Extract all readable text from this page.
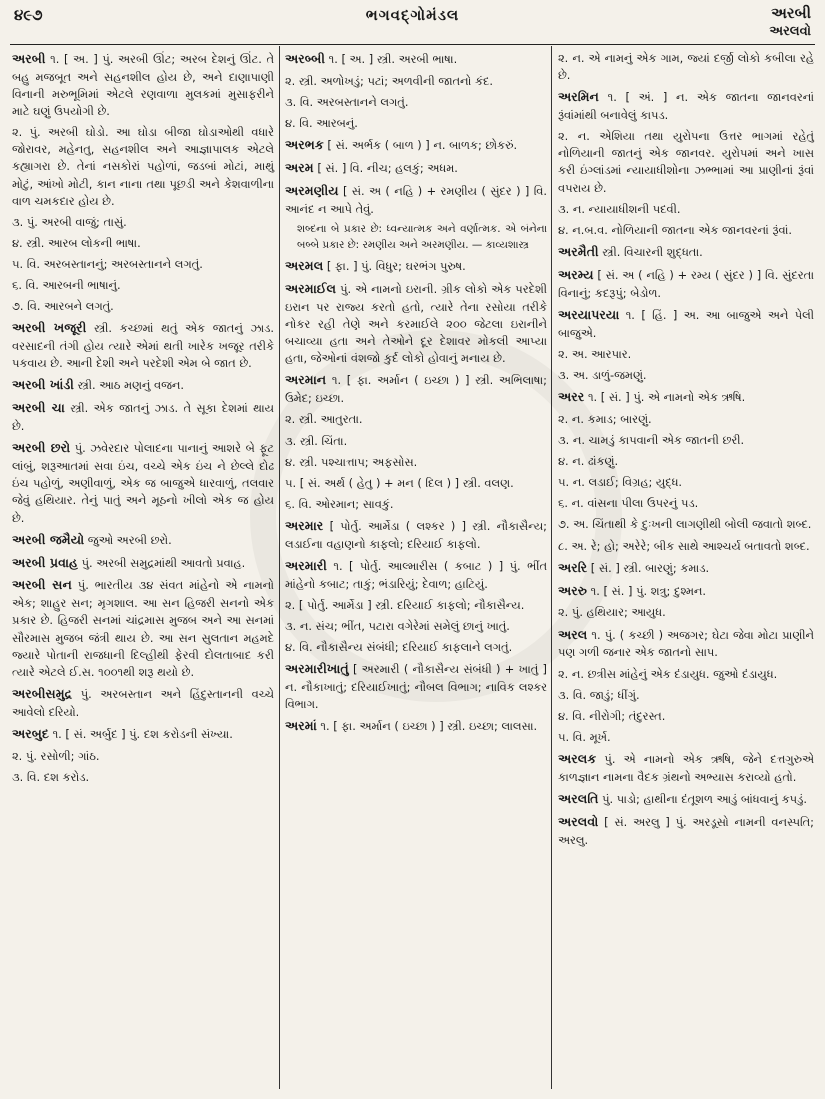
૪૯૭	ભગવદ્ગોમંડલ	અરબી
અરલવો

અરબી ૧. [ અ. ] પું. અરબી ઊંટ; અરબ દેશનું ઊંટ. તે બહુ મજબૂત અને સહનશીલ હોય છે, અને દાણાપાણી વિનાની મરુભૂમિમાં એટલે રણવાળા મુલકમાં મુસાફરીને માટે ઘણું ઉપયોગી છે.

૨. પું. અરબી ઘોડો. આ ઘોડા બીજા ઘોડાઓથી વધારે જોરાવર, મહેનતુ, સહનશીલ અને આજ્ઞાપાલક એટલે કહ્યાગરા છે. તેનાં નસકોરાં પહોળાં, જડબાં મોટાં, માથું મોટું, આંખો મોટી, કાન નાના તથા પૂછડી અને કેશવાળીના વાળ ચમકદાર હોય છે.

૩. પું. અરબી વાજું; તાસું.

૪. સ્ત્રી. આરબ લોકની ભાષા.

૫. વિ. અરબસ્તાનનું; અરબસ્તાનને લગતું.

૬. વિ. આરબની ભાષાનું.

૭. વિ. આરબને લગતું.

અરબી ખજૂરી સ્ત્રી. કચ્છમાં થતું એક જાતનું ઝાડ. વરસાદની તંગી હોય ત્યારે એમાં થતી ખારેક ખજૂર તરીકે પકવાય છે. આની દેશી અને પરદેશી એમ બે જાત છે.

અરબી ખાંડી સ્ત્રી. આઠ મણનું વજન.

અરબી ચા સ્ત્રી. એક જાતનું ઝાડ. તે સૂકા દેશમાં થાય છે.

અરબી છરો પું. ઝવેરદાર પોલાદના પાનાનું આશરે બે ફૂટ લાંબું, શરૂઆતમાં સવા ઇંચ, વચ્ચે એક ઇંચ ને છેલ્લે દોઢ ઇંચ પહોળું, અણીવાળું, એક જ બાજુએ ધારવાળું, તલવાર જેવું હથિયાર. તેનું પાતું અને મૂઠનો ખીલો એક જ હોય છે.

અરબી જમૈયો જુઓ અરબી છરો.

અરબી પ્રવાહ પું. અરબી સમુદ્રમાંથી આવતો પ્રવાહ.

અરબી સન પું. ભારતીય ૩૪ સંવત માંહેનો એ નામનો એક; શાહુર સન; મૃગશાલ. આ સન હિજરી સનનો એક પ્રકાર છે. હિજરી સનમાં ચાંદ્રમાસ મુજબ અને આ સનમાં સૌરમાસ મુજબ જંત્રી થાય છે. આ સન સુલતાન મહમદે જ્યારે પોતાની રાજધાની દિલ્હીથી ફેરવી દોલતાબાદ કરી ત્યારે એટલે ઈ.સ. ૧૦૦૧થી શરૂ થયો છે.

અરબીસમુદ્ર પું. અરબસ્તાન અને હિંદુસ્તાનની વચ્ચે આવેલો દરિયો.

અરબુદ ૧. [ સં. અર્બુદ ] પું. દશ કરોડની સંખ્યા.

૨. પું. રસોળી; ગાંઠ.

૩. વિ. દશ કરોડ.

અરબ્બી ૧. [ અ. ] સ્ત્રી. અરબી ભાષા.

૨. સ્ત્રી. અળોખડું; પટાં; અળવીની જાતનો કંદ.

૩. વિ. અરબસ્તાનને લગતું.

૪. વિ. આરબનું.

અરભક [ સં. અર્ભક ( બાળ ) ] ન. બાળક; છોકરું.

અરમ [ સં. ] વિ. નીચ; હલકું; અધમ.

અરમણીય [ સં. અ ( નહિ ) + રમણીય ( સુંદર ) ] વિ. આનંદ ન આપે તેવું.

શબ્દના બે પ્રકાર છે: ધ્વન્યાત્મક અને વર્ણાત્મક. એ બંનેના બબ્બે પ્રકાર છે: રમણીય અને અરમણીય. — કાવ્યશાસ્ત્ર

અરમલ [ ફા. ] પું. વિધુર; ઘરભંગ પુરુષ.

અરમાઈલ પું. એ નામનો ઇરાની. ગ્રીક લોકો એક પરદેશી ઇરાન પર રાજ્ય કરતો હતો, ત્યારે તેના રસોયા તરીકે નોકર રહી તેણે અને કરમાઈલે ૨૦૦ જેટલા ઇરાનીને બચાવ્યા હતા અને તેઓને દૂર દેશાવર મોકલી આપ્યા હતા, જેઓનાં વંશજો કુર્દ લોકો હોવાનું મનાય છે.

અરમાન ૧. [ ફા. અર્માન ( ઇચ્છા ) ] સ્ત્રી. અભિલાષા; ઉમેદ; ઇચ્છા.

૨. સ્ત્રી. આતુરતા.

૩. સ્ત્રી. ચિંતા.

૪. સ્ત્રી. પશ્ચાત્તાપ; અફસોસ.

૫. [ સં. અર્થ ( હેતુ ) + મન ( દિલ ) ] સ્ત્રી. વલણ.

૬. વિ. ઓરમાન; સાવકું.

અરમાર [ પોર્તુ. આર્મેડા ( લશ્કર ) ] સ્ત્રી. નૌકાસૈન્ય; લડાઈના વહાણનો કાફલો; દરિયાઈ કાફલો.

અરમારી ૧. [ પોર્તુ. આલ્મારીસ ( કબાટ ) ] પું. ભીંત માંહેનો કબાટ; તાકું; ભંડારિયું; દેવાળ; હાટિયું.

૨. [ પોર્તુ. આર્મેડા ] સ્ત્રી. દરિયાઈ કાફલો; નૌકાસૈન્ય.

૩. ન. સંચ; ભીંત, પટારા વગેરેમાં સમેલું છાનું ખાતું.

૪. વિ. નૌકાસૈન્ય સંબંધી; દરિયાઈ કાફલાને લગતું.

અરમારીખાતું [ અરમારી ( નૌકાસૈન્ય સંબંધી ) + ખાતું ] ન. નૌકાખાતું; દરિયાઈખાતું; નૌબલ વિભાગ; નાવિક લશ્કર વિભાગ.

અરમાં ૧. [ ફા. અર્માન ( ઇચ્છા ) ] સ્ત્રી. ઇચ્છા; લાલસા.

૨. ન. એ નામનું એક ગામ, જ્યાં દર્જી લોકો કબીલા રહે છે.

અરમિન ૧. [ અં. ] ન. એક જાતના જાનવરનાં રૂંવાંમાંથી બનાવેલું કાપડ.

૨. ન. એશિયા તથા યુરોપના ઉત્તર ભાગમાં રહેતું નોળિયાની જાતનું એક જાનવર. યુરોપમાં અને ખાસ કરી ઇંગ્લાંડમાં ન્યાયાધીશોના ઝભ્ભામાં આ પ્રાણીનાં રૂંવાં વપરાય છે.

૩. ન. ન્યાયાધીશની પદવી.

૪. ન.બ.વ. નોળિયાની જાતના એક જાનવરનાં રૂંવાં.

અરમૈતી સ્ત્રી. વિચારની શુદ્ધતા.

અરમ્ય [ સં. અ ( નહિ ) + રમ્ય ( સુંદર ) ] વિ. સુંદરતા વિનાનું; કદરૂપું; બેડોળ.

અરયાપરયા ૧. [ હિં. ] અ. આ બાજુએ અને પેલી બાજુએ.

૨. અ. આરપાર.

૩. અ. ડાળું-જમણું.

અરર ૧. [ સં. ] પું. એ નામનો એક ઋષિ.

૨. ન. કમાડ; બારણું.

૩. ન. ચામડું કાપવાની એક જાતની છરી.

૪. ન. ઢાંકણું.

૫. ન. લડાઈ; વિગ્રહ; યુદ્ધ.

૬. ન. વાંસના પીલા ઉપરનું પડ.

૭. અ. ચિંતાથી કે દુઃખની લાગણીથી બોલી જવાતો શબ્દ.

૮. અ. રે; હો; અરેરે; બીક સાથે આશ્ચર્ય બતાવતો શબ્દ.

અરરિ [ સં. ] સ્ત્રી. બારણું; કમાડ.

અરરુ ૧. [ સં. ] પું. શત્રુ; દુશ્મન.

૨. પું. હથિયાર; આયુધ.

અરલ ૧. પું. ( કચ્છી ) અજગર; ઘેટા જેવા મોટા પ્રાણીને પણ ગળી જનાર એક જાતનો સાપ.

૨. ન. છત્રીસ માંહેનું એક દંડાયુધ. જુઓ દંડાયુધ.

૩. વિ. જાડું; ધીંગું.

૪. વિ. નીરોગી; તંદુરસ્ત.

૫. વિ. મૂર્ખ.

અરલક પું. એ નામનો એક ઋષિ, જેને દત્તગુરુએ કાળજ્ઞાન નામના વૈદક ગ્રંથનો અભ્યાસ કરાવ્યો હતો.

અરલતિ પું. પાડો; હાથીના દંતૂશળ આડું બાંધવાનું કપડું.

અરલવો [ સં. અરલુ ] પું. અરડૂસો નામની વનસ્પતિ; અરલુ.
